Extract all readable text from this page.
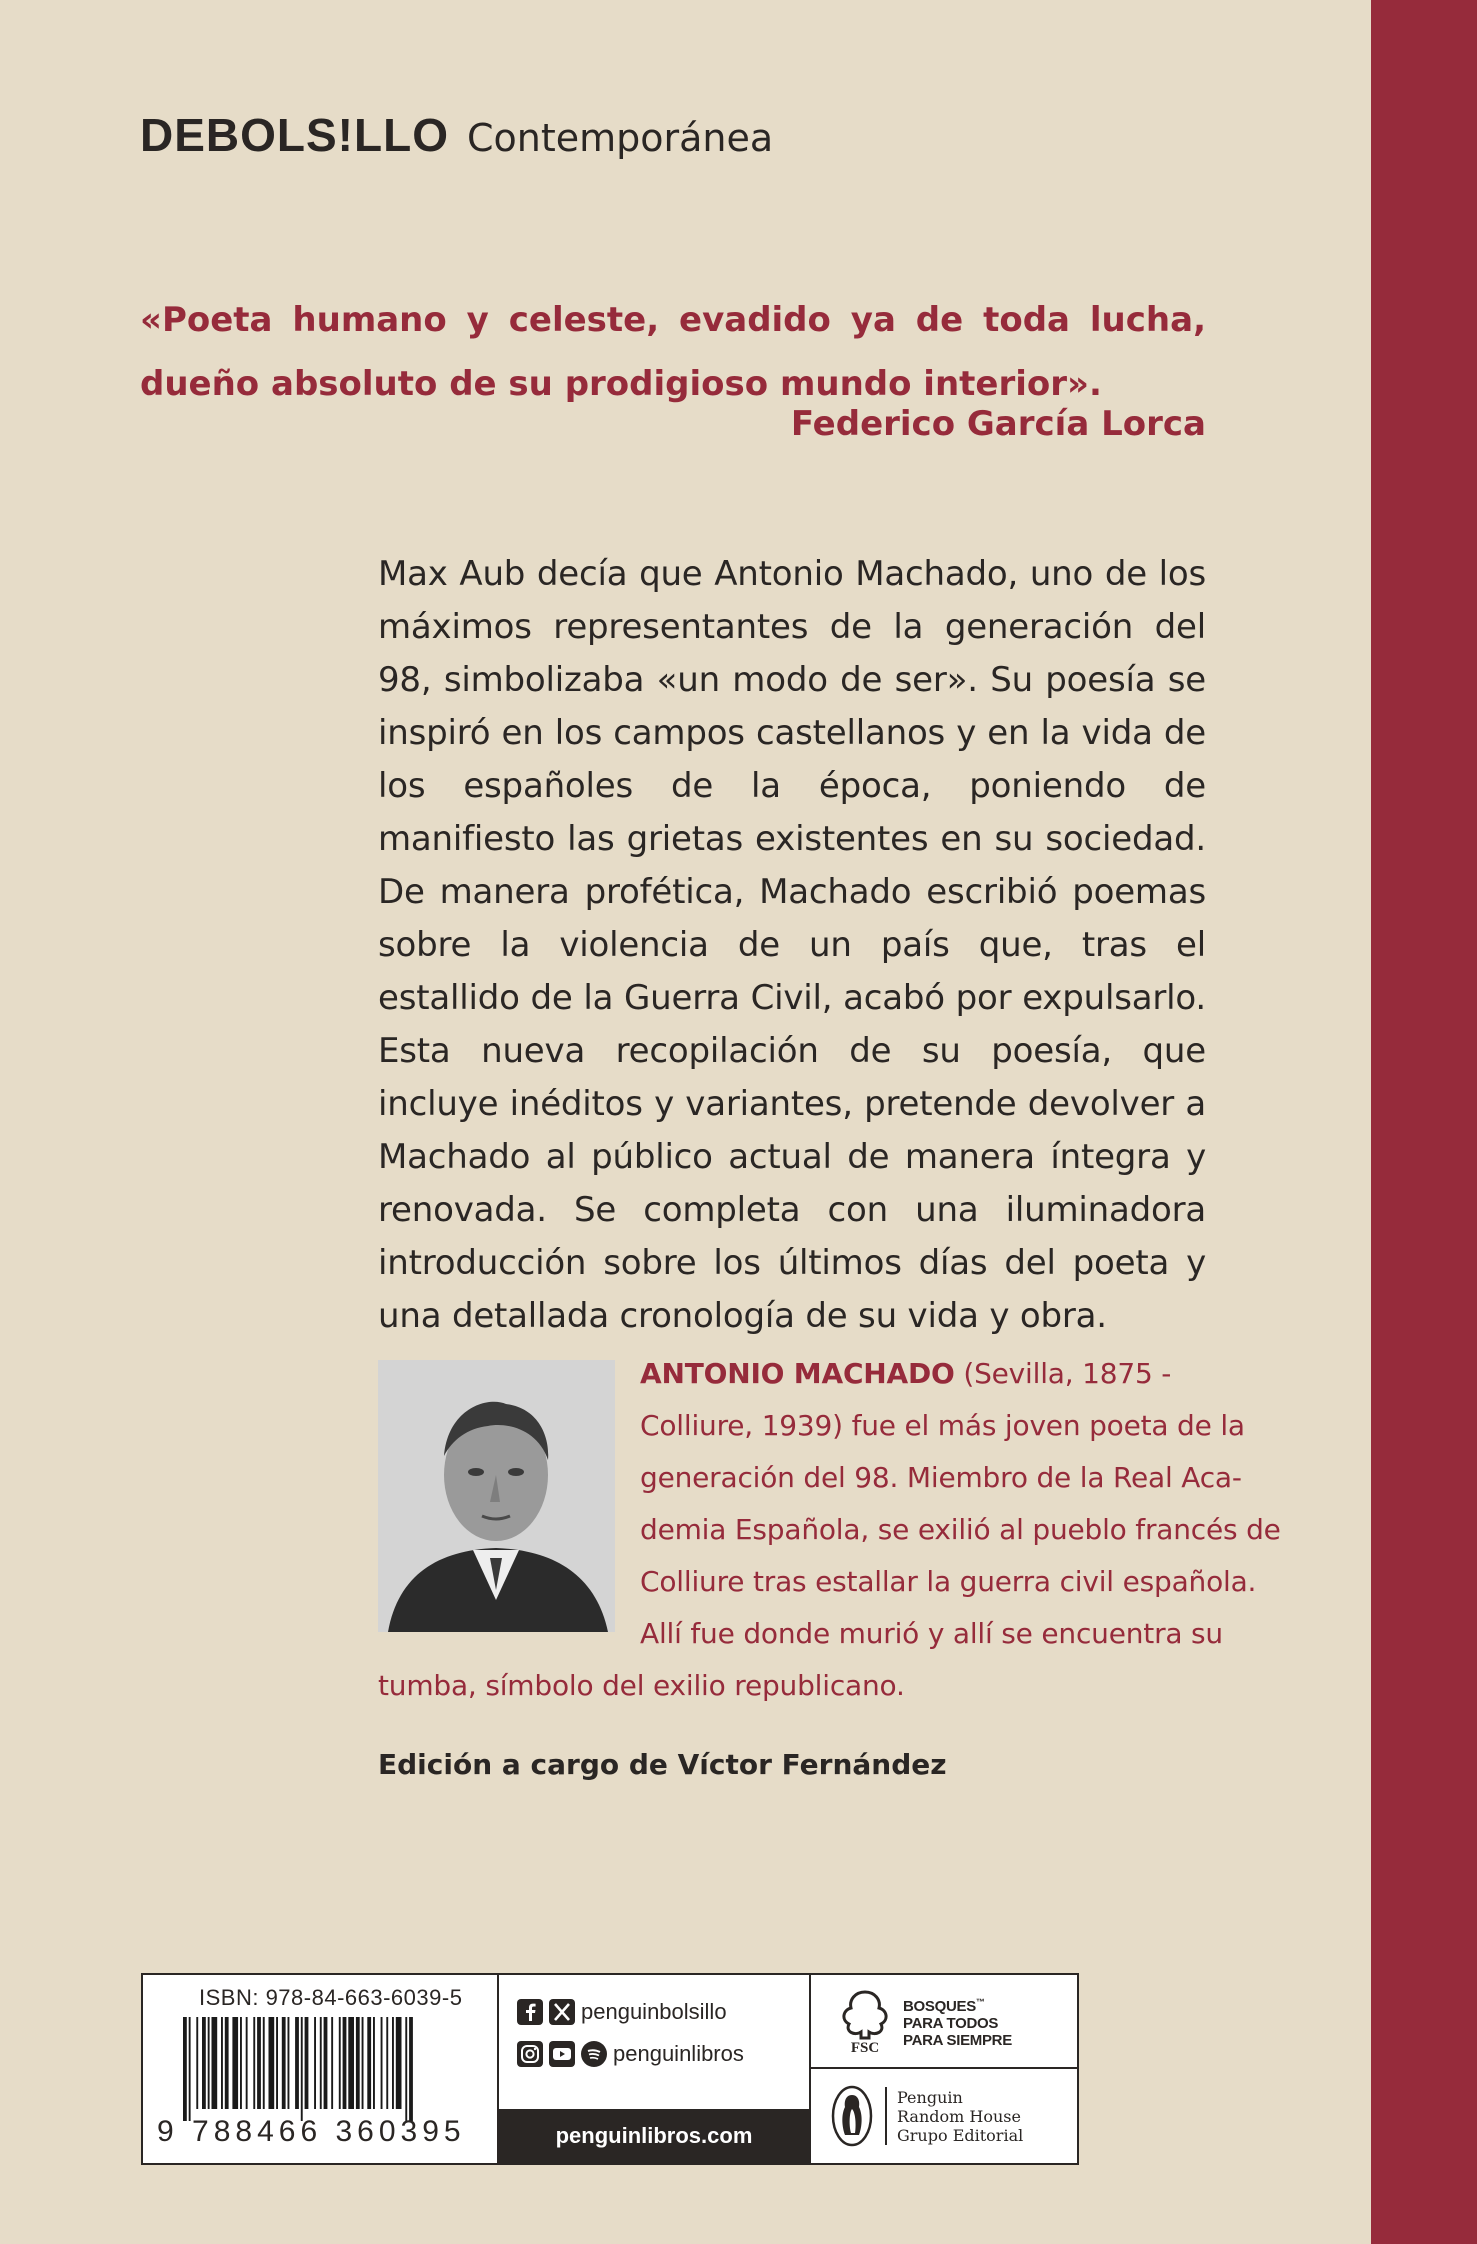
DEBOLS!LLO Contemporánea
«Poeta humano y celeste, evadido ya de toda lucha, dueño absoluto de su prodigioso mundo interior».
Federico García Lorca
Max Aub decía que Antonio Machado, uno de los máximos representantes de la generación del 98, simbolizaba «un modo de ser». Su poesía se inspiró en los campos castellanos y en la vida de los españoles de la época, poniendo de manifiesto las grietas existentes en su sociedad. De manera profética, Machado escribió poemas sobre la violencia de un país que, tras el estallido de la Guerra Civil, acabó por expulsarlo. Esta nueva recopilación de su poesía, que incluye inéditos y variantes, pretende devolver a Machado al público actual de manera íntegra y renovada. Se completa con una iluminadora introducción sobre los últimos días del poeta y una detallada cronología de su vida y obra.
ANTONIO MACHADO (Sevilla, 1875 -
Colliure, 1939) fue el más joven poeta de la
generación del 98. Miembro de la Real Aca-
demia Española, se exilió al pueblo francés de
Colliure tras estallar la guerra civil española.
Allí fue donde murió y allí se encuentra su
tumba, símbolo del exilio republicano.
Edición a cargo de Víctor Fernández
ISBN: 978-84-663-6039-5
9 788466 360395
penguinbolsillo
penguinlibros
penguinlibros.com
FSC
BOSQUES™
PARA TODOS
PARA SIEMPRE
Penguin
Random House
Grupo Editorial
